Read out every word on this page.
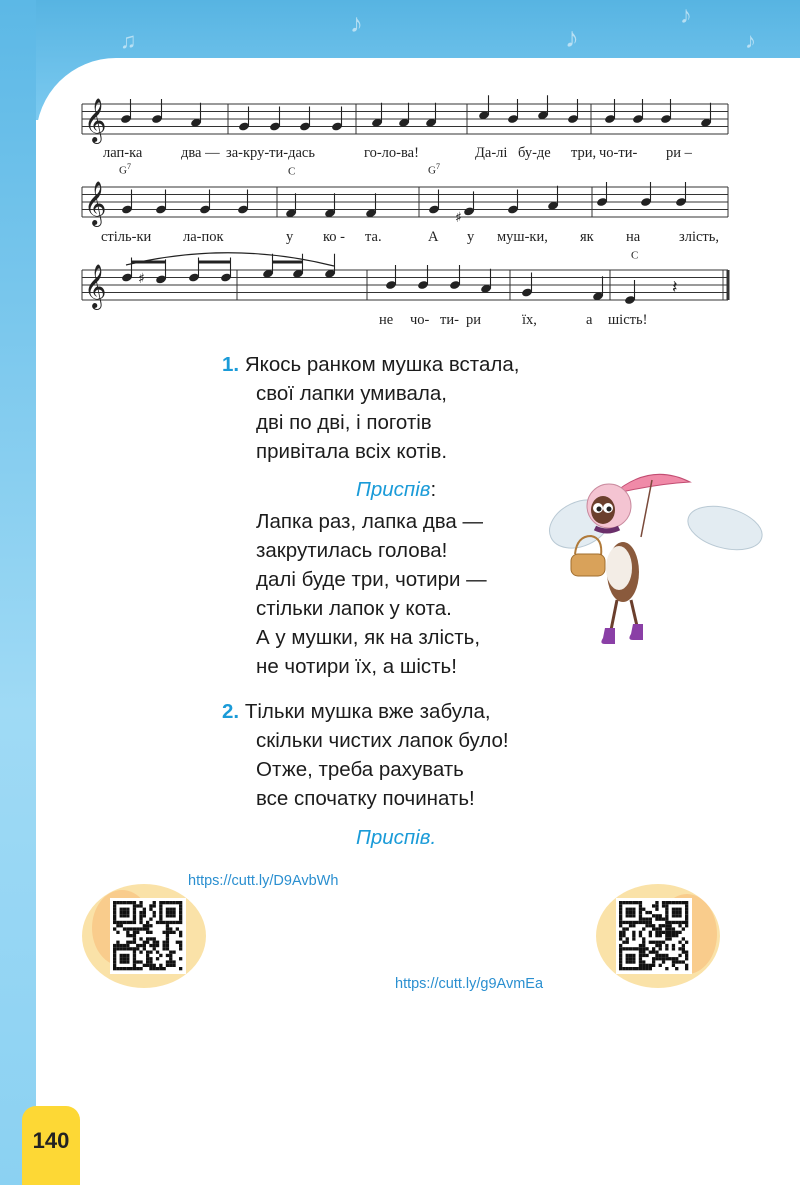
♪	♪
♫
♪
♪
𝄞
𝄞
𝄞	𝄽
♯
♯
лап-ка	два — за-кру-ти-дась	го-ло-ва!	Да-лі бу-де три, чо-ти- ри –
$G^7$	C	$G^7$
стіль-ки ла-пок	у ко - та.	А у муш-ки, як на	злість,
C
не чо- ти- ри	їх,	а шість!
1. Якось ранком мушка встала,
свої лапки умивала,
дві по дві, і поготів
привітала всіх котів.
Приспів:
Лапка раз, лапка два —
закрутилась голова!
далі буде три, чотири —
стільки лапок у кота.
А у мушки, як на злість,
не чотири їх, а шість!
2. Тільки мушка вже забула,
скільки чистих лапок було!
Отже, треба рахувать
все спочатку починать!
Приспів.
https://cutt.ly/D9AvbWh
https://cutt.ly/g9AvmEa
140
